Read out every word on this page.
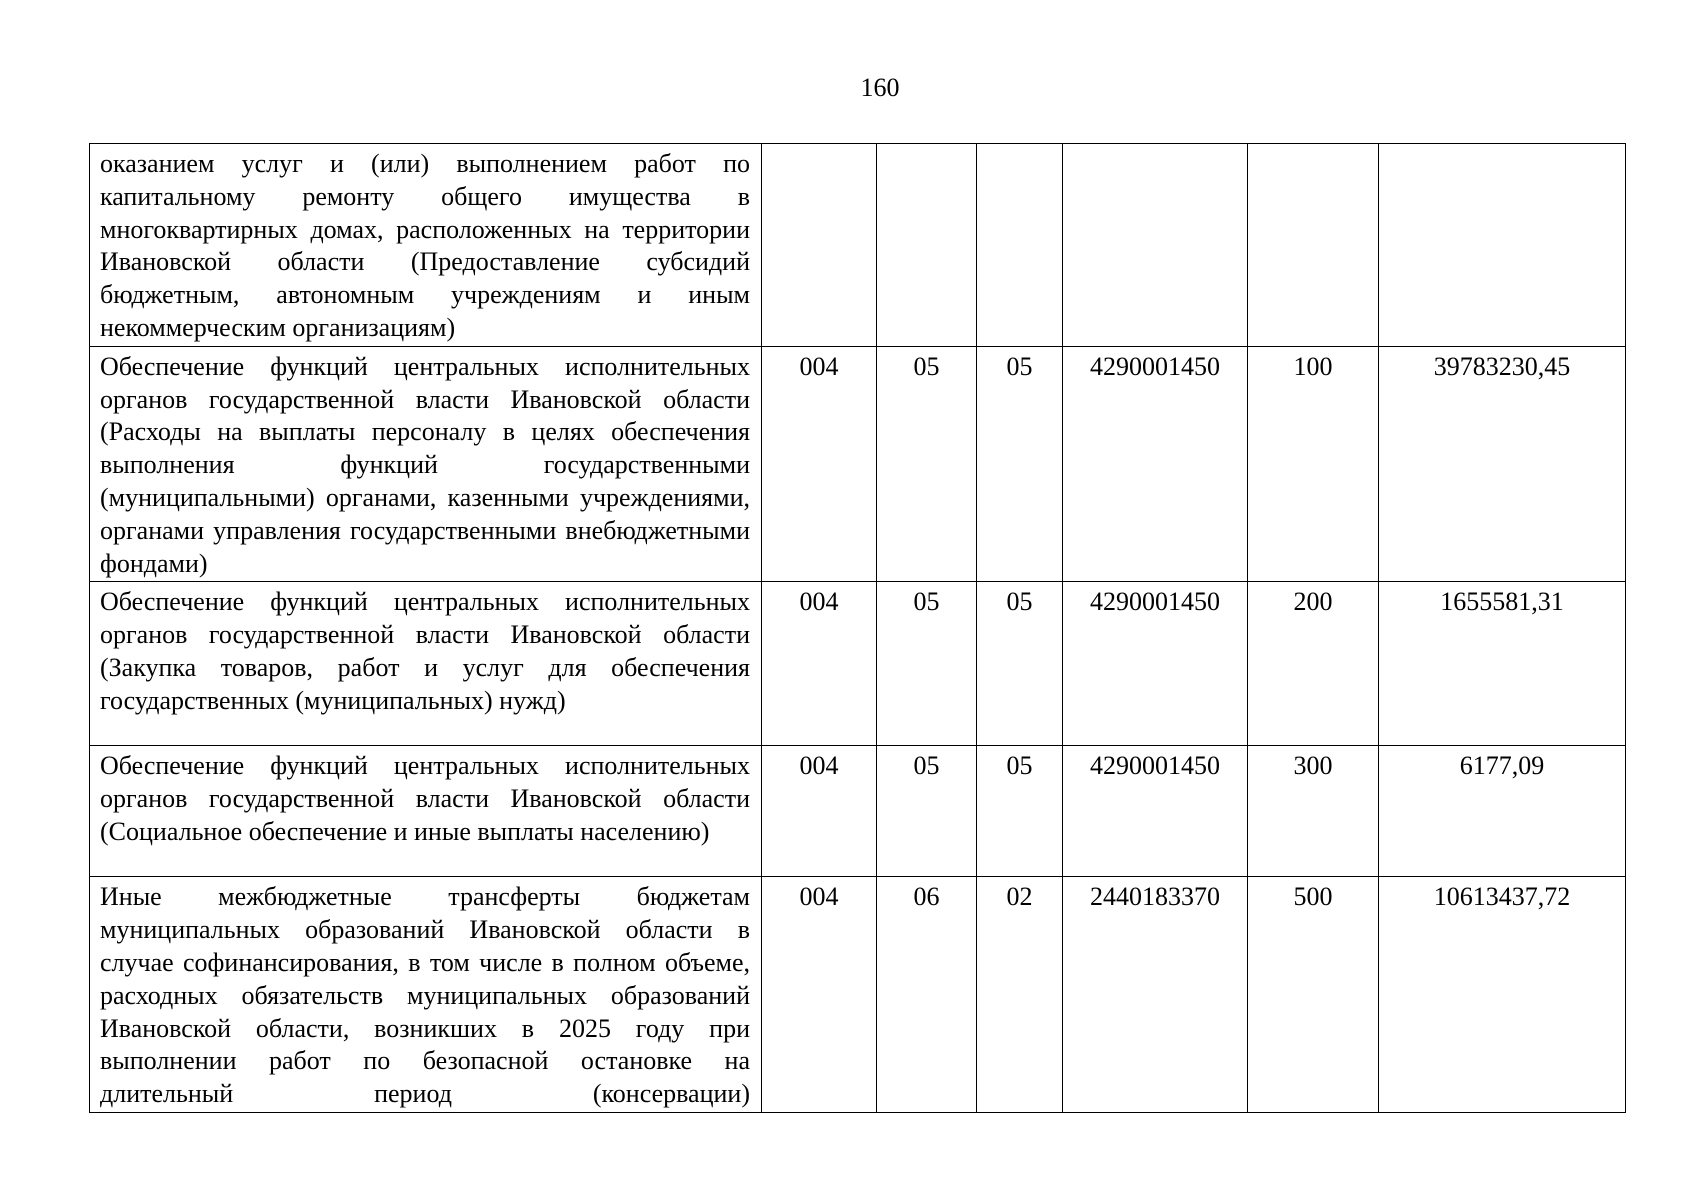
160
оказанием услуг и (или) выполнением работ по капитальному ремонту общего имущества в многоквартирных домах, расположенных на территории Ивановской области (Предоставление субсидий бюджетным, автономным учреждениям и иным некоммерческим организациям)						
Обеспечение функций центральных исполнительных органов государственной власти Ивановской области (Расходы на выплаты персоналу в целях обеспечения выполнения функций государственными (муниципальными) органами, казенными учреждениями, органами управления государственными внебюджетными фондами)	004	05	05	4290001450	100	39783230,45
Обеспечение функций центральных исполнительных органов государственной власти Ивановской области (Закупка товаров, работ и услуг для обеспечения государственных (муниципальных) нужд)	004	05	05	4290001450	200	1655581,31
Обеспечение функций центральных исполнительных органов государственной власти Ивановской области (Социальное обеспечение и иные выплаты населению)	004	05	05	4290001450	300	6177,09
Иные межбюджетные трансферты бюджетам муниципальных образований Ивановской области в случае софинансирования, в том числе в полном объеме, расходных обязательств муниципальных образований Ивановской области, возникших в 2025 году при выполнении работ по безопасной остановке на длительный период (консервации)	004	06	02	2440183370	500	10613437,72
